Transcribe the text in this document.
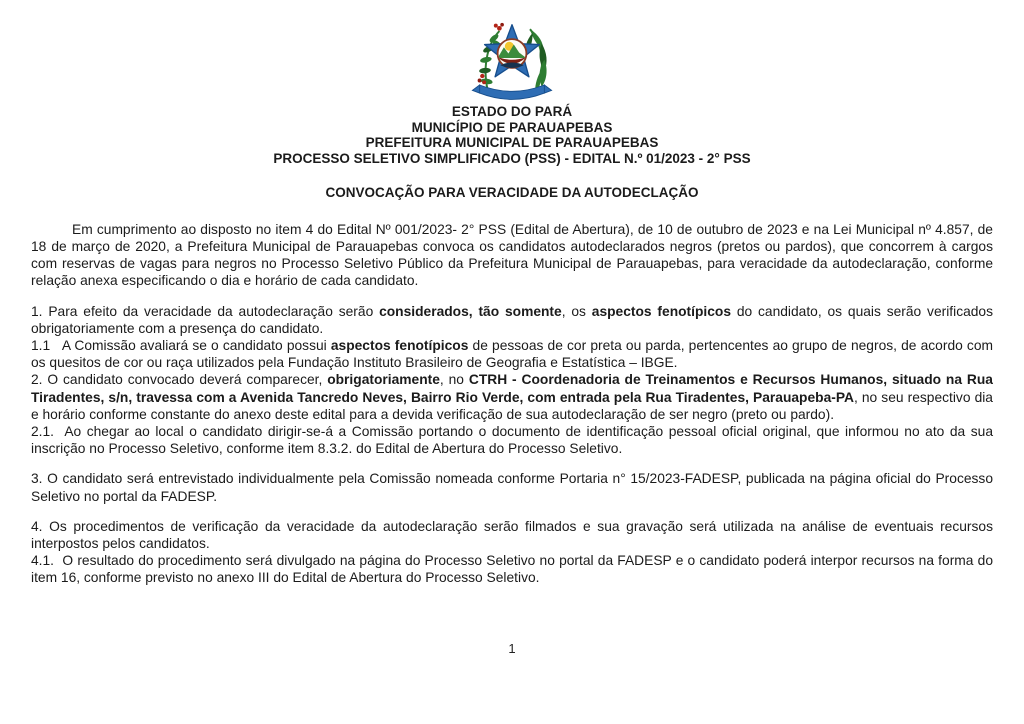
ESTADO DO PARÁ
MUNICÍPIO DE PARAUAPEBAS
PREFEITURA MUNICIPAL DE PARAUAPEBAS
PROCESSO SELETIVO SIMPLIFICADO (PSS) - EDITAL N.º 01/2023 - 2° PSS
CONVOCAÇÃO PARA VERACIDADE DA AUTODECLAÇÃO

Em cumprimento ao disposto no item 4 do Edital Nº 001/2023- 2° PSS (Edital de Abertura), de 10 de outubro de 2023 e na Lei Municipal nº 4.857, de 18 de março de 2020, a Prefeitura Municipal de Parauapebas convoca os candidatos autodeclarados negros (pretos ou pardos), que concorrem à cargos com reservas de vagas para negros no Processo Seletivo Público da Prefeitura Municipal de Parauapebas, para veracidade da autodeclaração, conforme relação anexa especificando o dia e horário de cada candidato.

1. Para efeito da veracidade da autodeclaração serão considerados, tão somente, os aspectos fenotípicos do candidato, os quais serão verificados obrigatoriamente com a presença do candidato.

1.1   A Comissão avaliará se o candidato possui aspectos fenotípicos de pessoas de cor preta ou parda, pertencentes ao grupo de negros, de acordo com os quesitos de cor ou raça utilizados pela Fundação Instituto Brasileiro de Geografia e Estatística – IBGE.

2. O candidato convocado deverá comparecer, obrigatoriamente, no CTRH - Coordenadoria de Treinamentos e Recursos Humanos, situado na Rua Tiradentes, s/n, travessa com a Avenida Tancredo Neves, Bairro Rio Verde, com entrada pela Rua Tiradentes, Parauapeba-PA, no seu respectivo dia e horário conforme constante do anexo deste edital para a devida verificação de sua autodeclaração de ser negro (preto ou pardo).

2.1.  Ao chegar ao local o candidato dirigir-se-á a Comissão portando o documento de identificação pessoal oficial original, que informou no ato da sua inscrição no Processo Seletivo, conforme item 8.3.2. do Edital de Abertura do Processo Seletivo.

3. O candidato será entrevistado individualmente pela Comissão nomeada conforme Portaria n° 15/2023-FADESP, publicada na página oficial do Processo Seletivo no portal da FADESP.

4. Os procedimentos de verificação da veracidade da autodeclaração serão filmados e sua gravação será utilizada na análise de eventuais recursos interpostos pelos candidatos.

4.1.  O resultado do procedimento será divulgado na página do Processo Seletivo no portal da FADESP e o candidato poderá interpor recursos na forma do item 16, conforme previsto no anexo III do Edital de Abertura do Processo Seletivo.

1
